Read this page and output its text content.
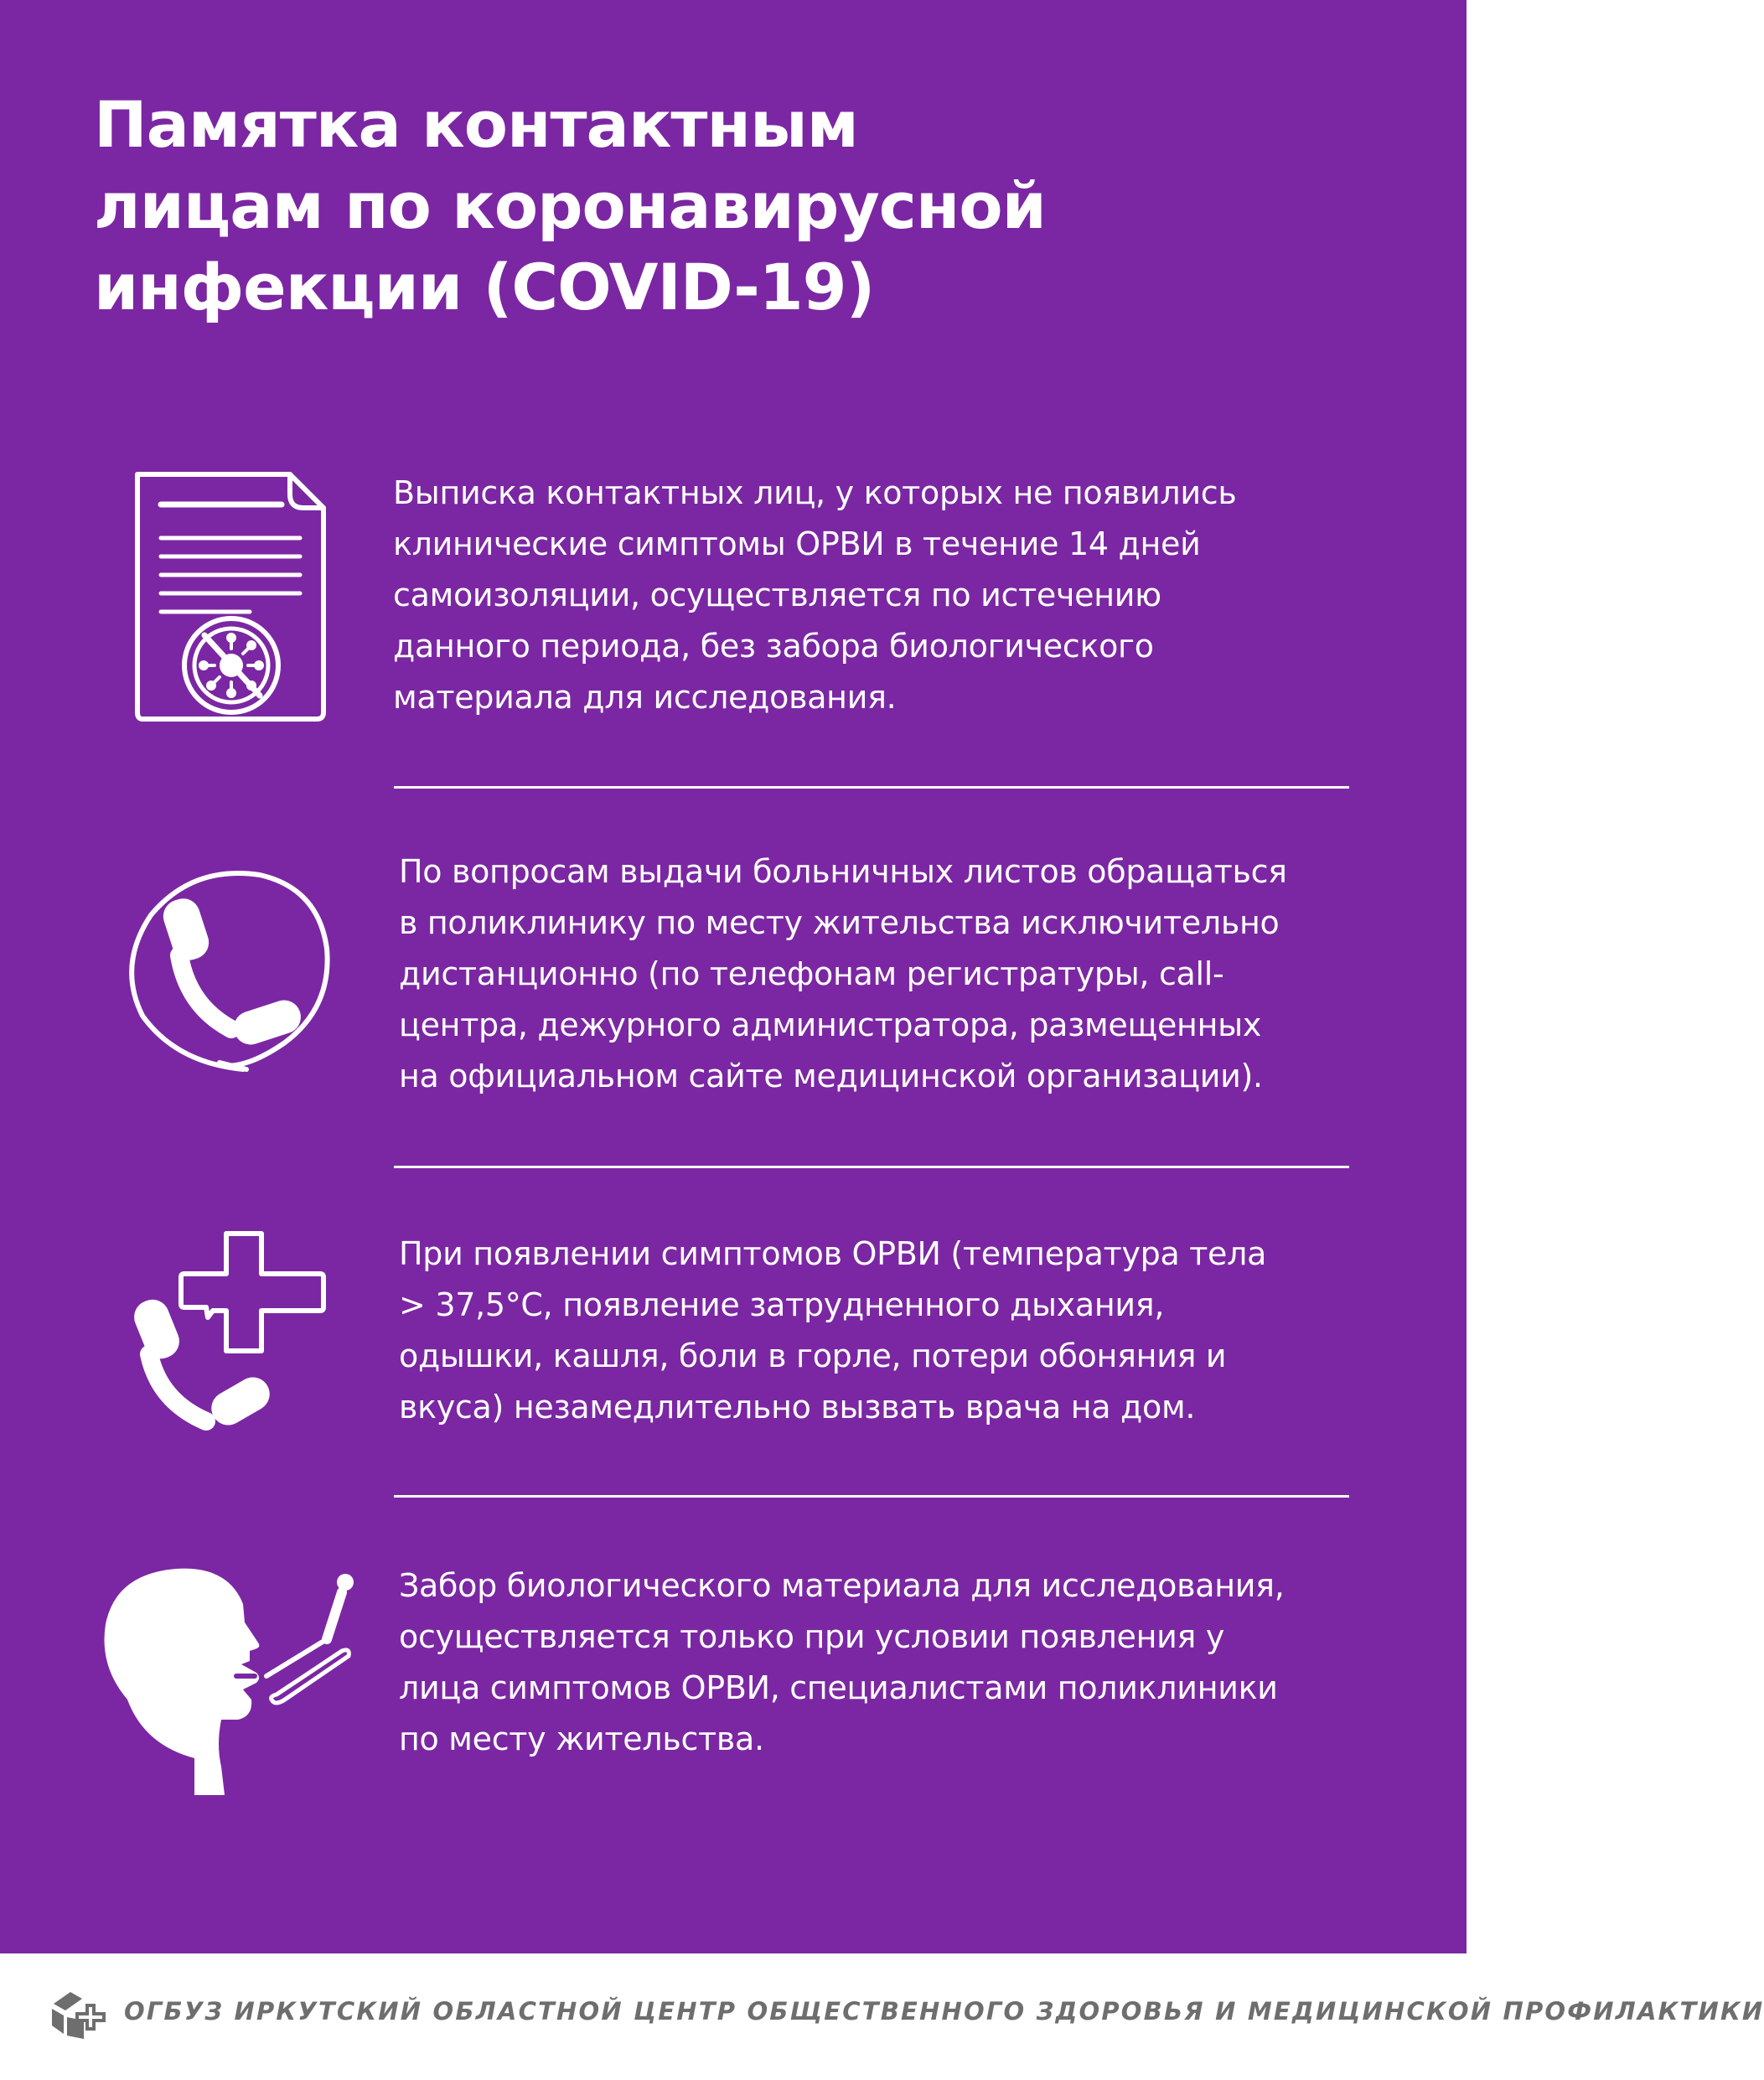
Памятка контактным
лицам по коронавирусной
инфекции (COVID-19)

Выписка контактных лиц, у которых не появились
клинические симптомы ОРВИ в течение 14 дней
самоизоляции, осуществляется по истечению
данного периода, без забора биологического
материала для исследования.

По вопросам выдачи больничных листов обращаться
в поликлинику по месту жительства исключительно
дистанционно (по телефонам регистратуры, call-
центра, дежурного администратора, размещенных
на официальном сайте медицинской организации).

При появлении симптомов ОРВИ (температура тела
> 37,5°С, появление затрудненного дыхания,
одышки, кашля, боли в горле, потери обоняния и
вкуса) незамедлительно вызвать врача на дом.

Забор биологического материала для исследования,
осуществляется только при условии появления у
лица симптомов ОРВИ, специалистами поликлиники
по месту жительства.

ОГБУЗ ИРКУТСКИЙ ОБЛАСТНОЙ ЦЕНТР ОБЩЕСТВЕННОГО ЗДОРОВЬЯ И МЕДИЦИНСКОЙ ПРОФИЛАКТИКИ
